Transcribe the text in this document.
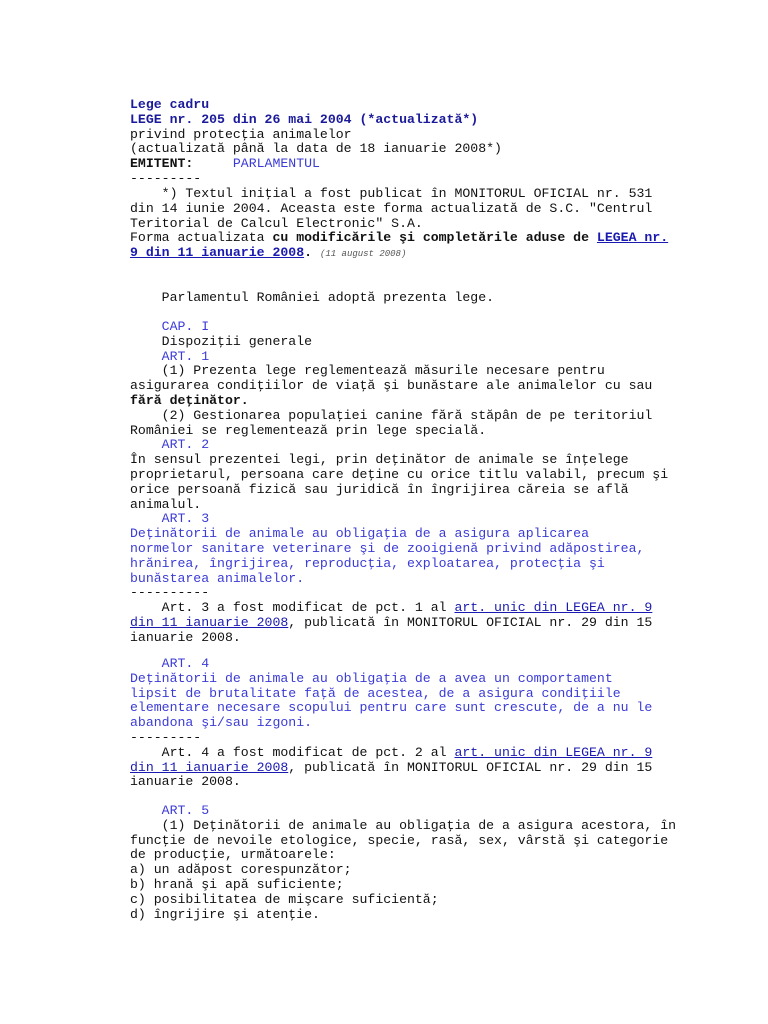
Lege cadru
LEGE nr. 205 din 26 mai 2004 (*actualizată*)
privind protecţia animalelor
(actualizată până la data de 18 ianuarie 2008*)
EMITENT:	PARLAMENTUL
---------
*) Textul iniţial a fost publicat în MONITORUL OFICIAL nr. 531
din 14 iunie 2004. Aceasta este forma actualizată de S.C. "Centrul
Teritorial de Calcul Electronic" S.A.
Forma actualizata cu modificările şi completările aduse de LEGEA nr.
9 din 11 ianuarie 2008. (11 august 2008)
Parlamentul României adoptă prezenta lege.
CAP. I
Dispoziţii generale
ART. 1
(1) Prezenta lege reglementează măsurile necesare pentru
asigurarea condiţiilor de viaţă şi bunăstare ale animalelor cu sau
fără deţinător.
(2) Gestionarea populaţiei canine fără stăpân de pe teritoriul
României se reglementează prin lege specială.
ART. 2
În sensul prezentei legi, prin deţinător de animale se înţelege
proprietarul, persoana care deţine cu orice titlu valabil, precum şi
orice persoană fizică sau juridică în îngrijirea căreia se află
animalul.
ART. 3
Deţinătorii de animale au obligaţia de a asigura aplicarea
normelor sanitare veterinare şi de zooigienă privind adăpostirea,
hrănirea, îngrijirea, reproducţia, exploatarea, protecţia şi
bunăstarea animalelor.
----------
Art. 3 a fost modificat de pct. 1 al art. unic din LEGEA nr. 9
din 11 ianuarie 2008, publicată în MONITORUL OFICIAL nr. 29 din 15
ianuarie 2008.
ART. 4
Deţinătorii de animale au obligaţia de a avea un comportament
lipsit de brutalitate faţă de acestea, de a asigura condiţiile
elementare necesare scopului pentru care sunt crescute, de a nu le
abandona şi/sau izgoni.
---------
Art. 4 a fost modificat de pct. 2 al art. unic din LEGEA nr. 9
din 11 ianuarie 2008, publicată în MONITORUL OFICIAL nr. 29 din 15
ianuarie 2008.
ART. 5
(1) Deţinătorii de animale au obligaţia de a asigura acestora, în
funcţie de nevoile etologice, specie, rasă, sex, vârstă şi categorie
de producţie, următoarele:
a) un adăpost corespunzător;
b) hrană şi apă suficiente;
c) posibilitatea de mişcare suficientă;
d) îngrijire şi atenţie.
